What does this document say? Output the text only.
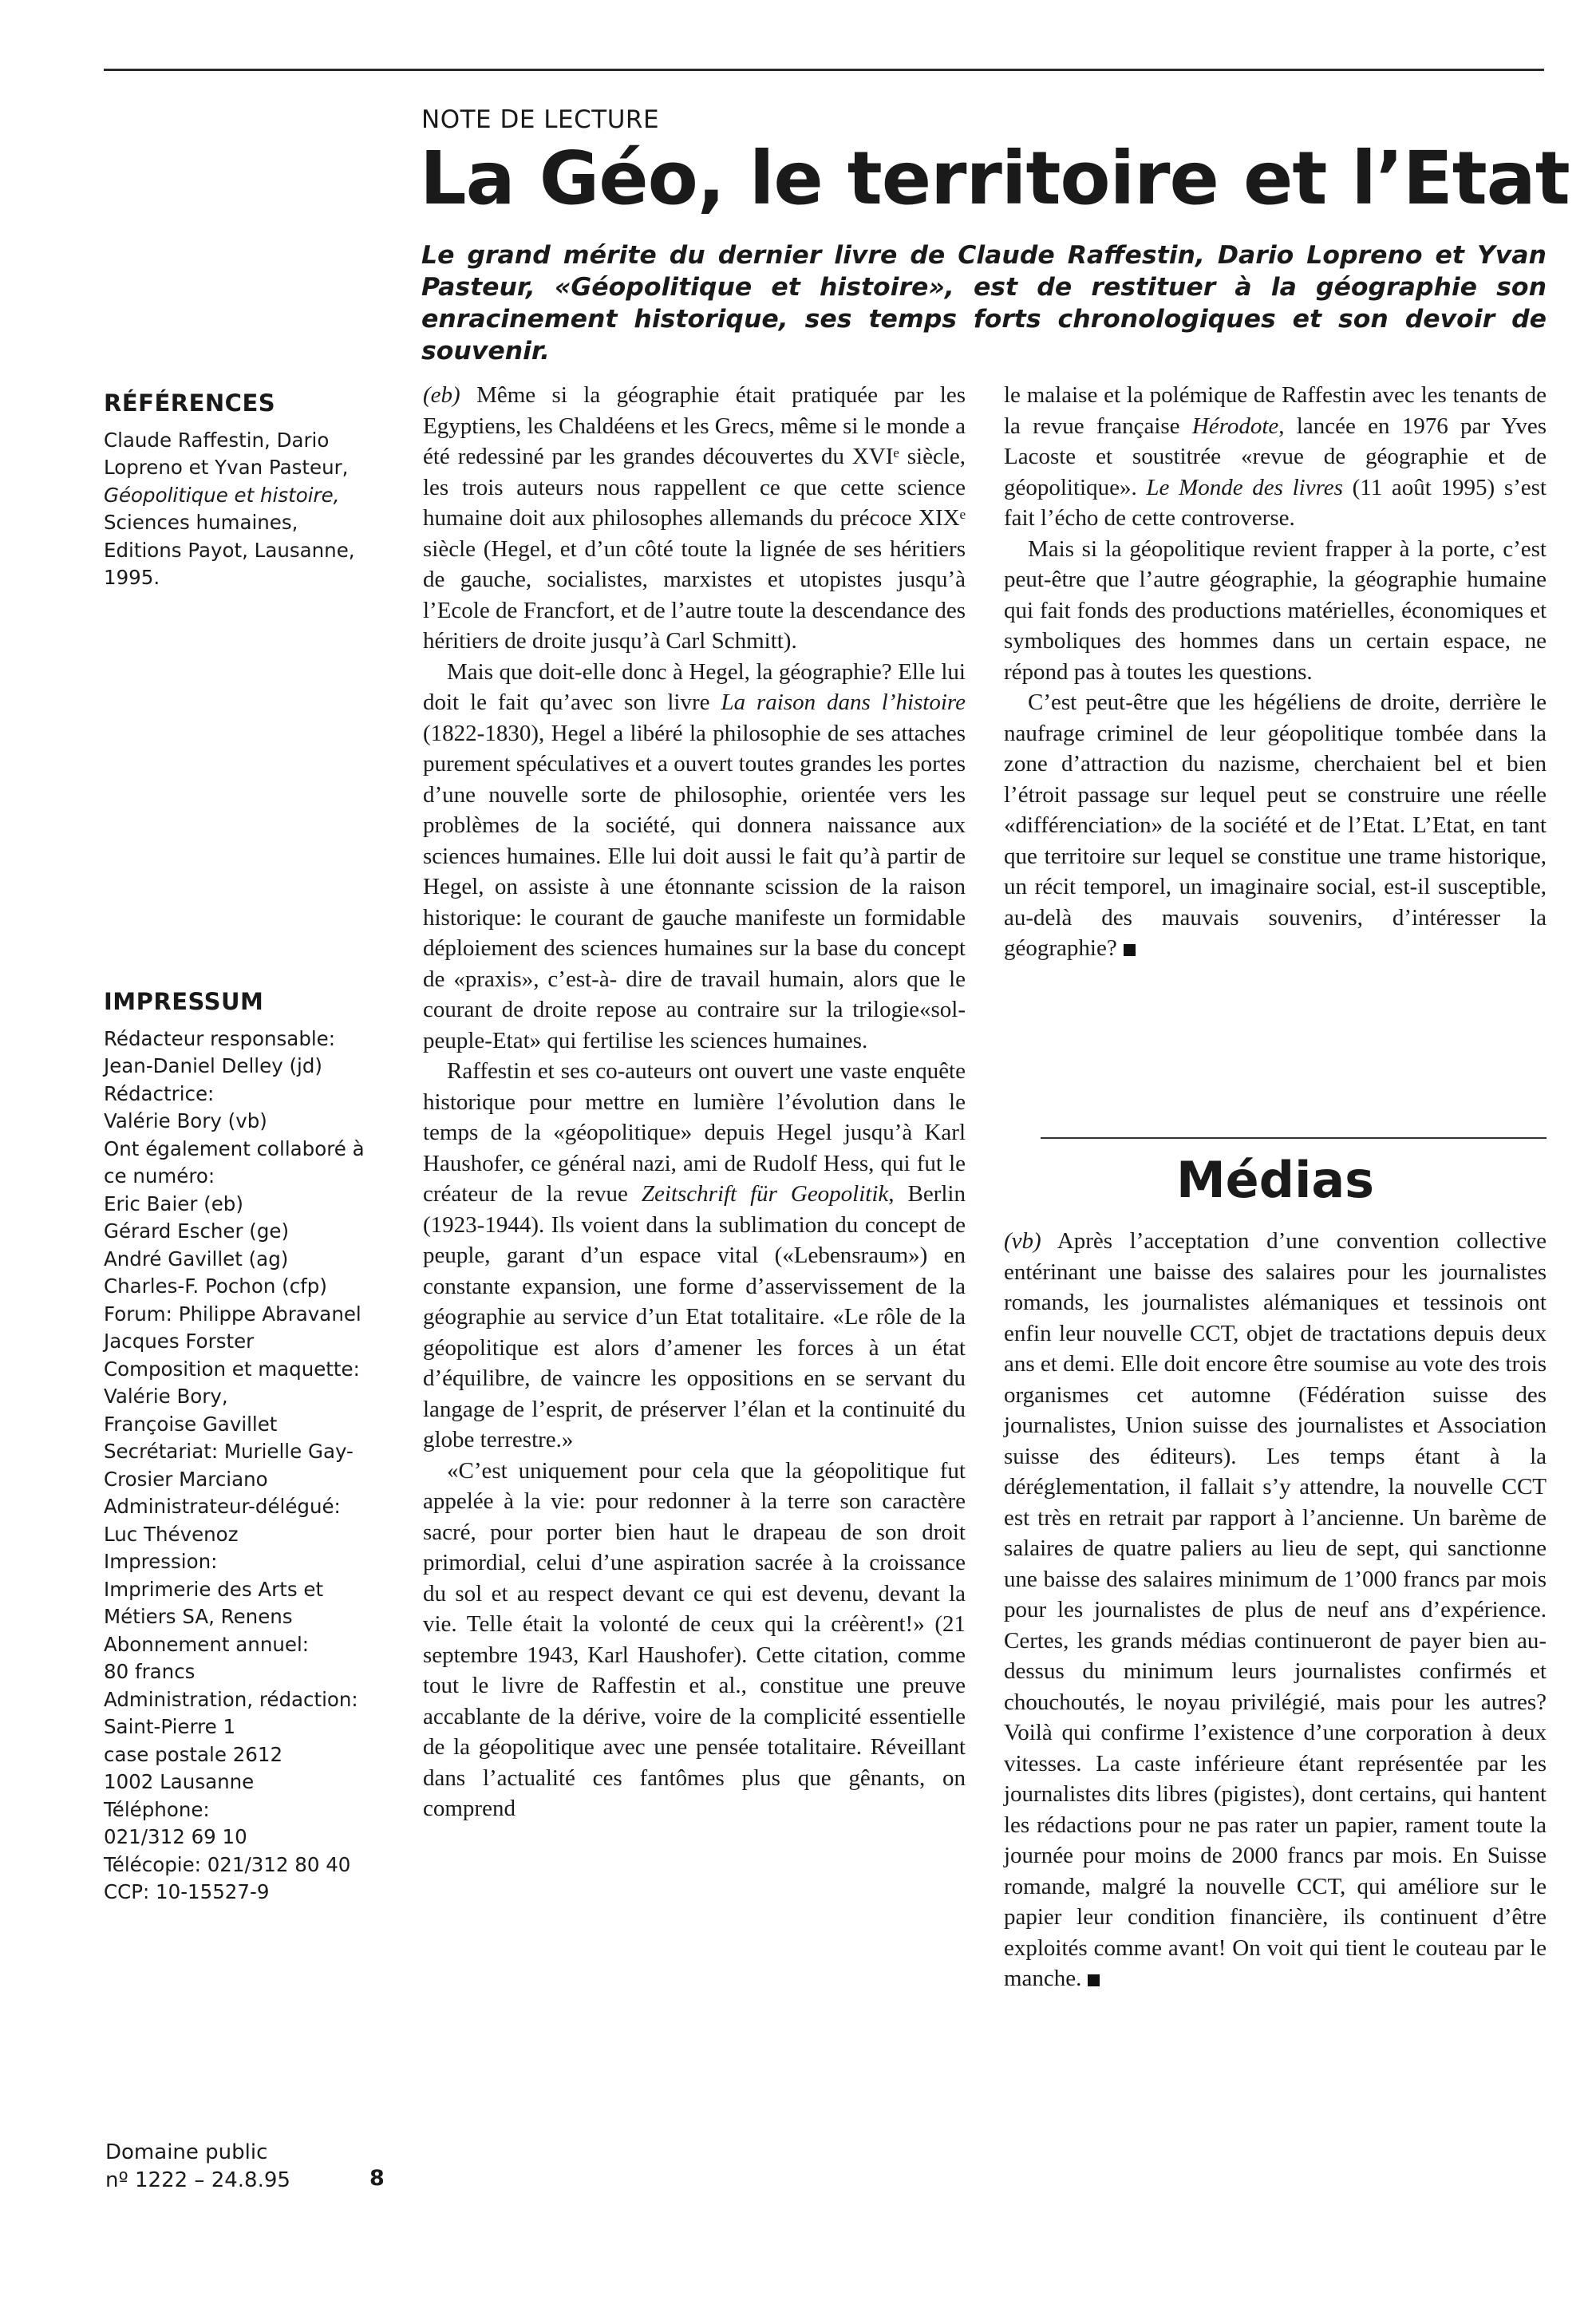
NOTE DE LECTURE
La Géo, le territoire et l’Etat
Le grand mérite du dernier livre de Claude Raffestin, Dario Lopreno et Yvan Pasteur, «Géopolitique et histoire», est de restituer à la géographie son enracinement historique, ses temps forts chronologiques et son devoir de souvenir.
RÉFÉRENCES
Claude Raffestin, Dario
Lopreno et Yvan Pasteur,
Géopolitique et histoire,
Sciences humaines,
Editions Payot, Lausanne,
1995.
IMPRESSUM
Rédacteur responsable:
Jean-Daniel Delley (jd)
Rédactrice:
Valérie Bory (vb)
Ont également collaboré à
ce numéro:
Eric Baier (eb)
Gérard Escher (ge)
André Gavillet (ag)
Charles-F. Pochon (cfp)
Forum: Philippe Abravanel
Jacques Forster
Composition et maquette:
Valérie Bory,
Françoise Gavillet
Secrétariat: Murielle Gay-
Crosier Marciano
Administrateur-délégué:
Luc Thévenoz
Impression:
Imprimerie des Arts et
Métiers SA, Renens
Abonnement annuel:
80 francs
Administration, rédaction:
Saint-Pierre 1
case postale 2612
1002 Lausanne
Téléphone:
021/312 69 10
Télécopie: 021/312 80 40
CCP: 10-15527-9
Domaine public
nº 1222 – 24.8.95	8

(eb) Même si la géographie était pratiquée par les Egyptiens, les Chaldéens et les Grecs, même si le monde a été redessiné par les grandes découvertes du XVIᵉ siècle, les trois auteurs nous rappellent ce que cette science humaine doit aux philosophes allemands du précoce XIXᵉ siècle (Hegel, et d’un côté toute la lignée de ses héritiers de gauche, socialistes, marxistes et utopistes jusqu’à l’Ecole de Francfort, et de l’autre toute la descendance des héritiers de droite jusqu’à Carl Schmitt).

Mais que doit-elle donc à Hegel, la géographie? Elle lui doit le fait qu’avec son livre La raison dans l’histoire (1822-1830), Hegel a libéré la philosophie de ses attaches purement spéculatives et a ouvert toutes grandes les portes d’une nouvelle sorte de philosophie, orientée vers les problèmes de la société, qui donnera naissance aux sciences humaines. Elle lui doit aussi le fait qu’à partir de Hegel, on assiste à une étonnante scission de la raison historique: le courant de gauche manifeste un formidable déploiement des sciences humaines sur la base du concept de «praxis», c’est-à- dire de travail humain, alors que le courant de droite repose au contraire sur la trilogie«sol-peuple-Etat» qui fertilise les sciences humaines.

Raffestin et ses co-auteurs ont ouvert une vaste enquête historique pour mettre en lumière l’évolution dans le temps de la «géopolitique» depuis Hegel jusqu’à Karl Haushofer, ce général nazi, ami de Rudolf Hess, qui fut le créateur de la revue Zeitschrift für Geopolitik, Berlin (1923-1944). Ils voient dans la sublimation du concept de peuple, garant d’un espace vital («Lebensraum») en constante expansion, une forme d’asservissement de la géographie au service d’un Etat totalitaire. «Le rôle de la géopolitique est alors d’amener les forces à un état d’équilibre, de vaincre les oppositions en se servant du langage de l’esprit, de préserver l’élan et la continuité du globe terrestre.»

«C’est uniquement pour cela que la géopolitique fut appelée à la vie: pour redonner à la terre son caractère sacré, pour porter bien haut le drapeau de son droit primordial, celui d’une aspiration sacrée à la croissance du sol et au respect devant ce qui est devenu, devant la vie. Telle était la volonté de ceux qui la créèrent!» (21 septembre 1943, Karl Haushofer). Cette citation, comme tout le livre de Raffestin et al., constitue une preuve accablante de la dérive, voire de la complicité essentielle de la géopolitique avec une pensée totalitaire. Réveillant dans l’actualité ces fantômes plus que gênants, on comprend

le malaise et la polémique de Raffestin avec les tenants de la revue française Hérodote, lancée en 1976 par Yves Lacoste et soustitrée «revue de géographie et de géopolitique». Le Monde des livres (11 août 1995) s’est fait l’écho de cette controverse.

Mais si la géopolitique revient frapper à la porte, c’est peut-être que l’autre géographie, la géographie humaine qui fait fonds des productions matérielles, économiques et symboliques des hommes dans un certain espace, ne répond pas à toutes les questions.

C’est peut-être que les hégéliens de droite, derrière le naufrage criminel de leur géopolitique tombée dans la zone d’attraction du nazisme, cherchaient bel et bien l’étroit passage sur lequel peut se construire une réelle «différenciation» de la société et de l’Etat. L’Etat, en tant que territoire sur lequel se constitue une trame historique, un récit temporel, un imaginaire social, est-il susceptible, au-delà des mauvais souvenirs, d’intéresser la géographie?

Médias

(vb) Après l’acceptation d’une convention collective entérinant une baisse des salaires pour les journalistes romands, les journalistes alémaniques et tessinois ont enfin leur nouvelle CCT, objet de tractations depuis deux ans et demi. Elle doit encore être soumise au vote des trois organismes cet automne (Fédération suisse des journalistes, Union suisse des journalistes et Association suisse des éditeurs). Les temps étant à la déréglementation, il fallait s’y attendre, la nouvelle CCT est très en retrait par rapport à l’ancienne. Un barème de salaires de quatre paliers au lieu de sept, qui sanctionne une baisse des salaires minimum de 1’000 francs par mois pour les journalistes de plus de neuf ans d’expérience. Certes, les grands médias continueront de payer bien au-dessus du minimum leurs journalistes confirmés et chouchoutés, le noyau privilégié, mais pour les autres? Voilà qui confirme l’existence d’une corporation à deux vitesses. La caste inférieure étant représentée par les journalistes dits libres (pigistes), dont certains, qui hantent les rédactions pour ne pas rater un papier, rament toute la journée pour moins de 2000 francs par mois. En Suisse romande, malgré la nouvelle CCT, qui améliore sur le papier leur condition financière, ils continuent d’être exploités comme avant! On voit qui tient le couteau par le manche.
